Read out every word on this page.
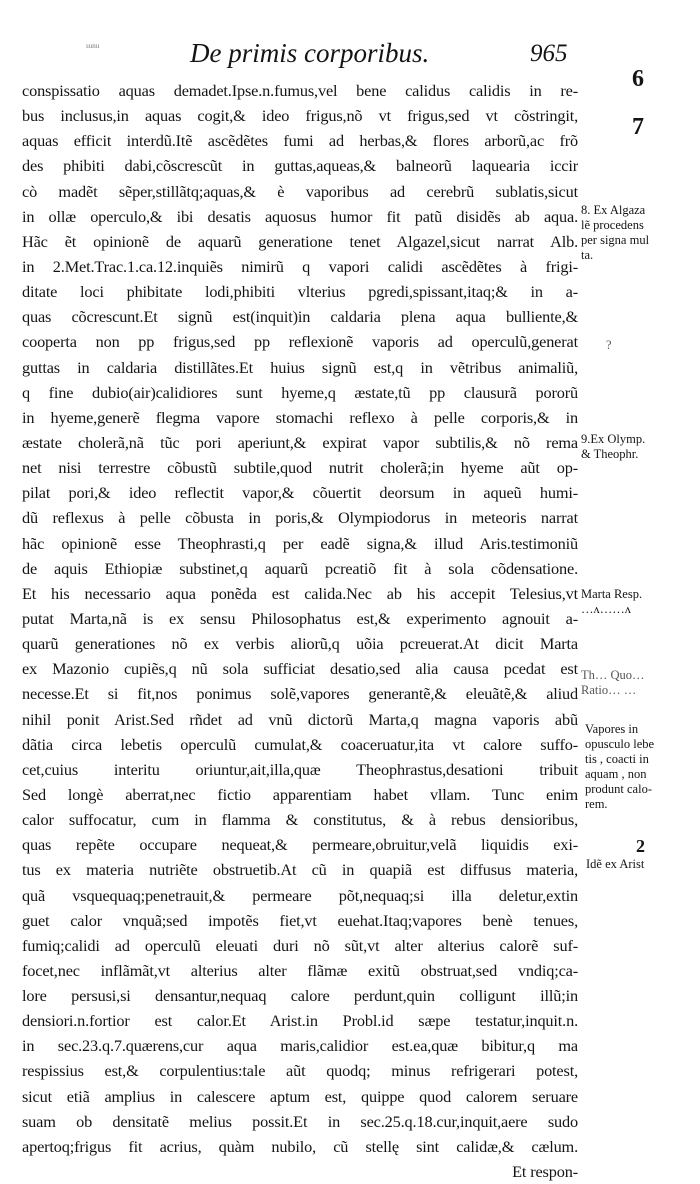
sunu	De primis corporibus.	965
6
7
2
conspissatio aquas demadet.Ipse.n.fumus,vel bene calidus calidis in re-
bus inclusus,in aquas cogit,& ideo frigus,nõ vt frigus,sed vt cõstringit,
aquas efficit interdũ.Itẽ ascẽdẽtes fumi ad herbas,& flores arborũ,ac frõ
des phibiti dabi,cõscrescũt in guttas,aqueas,& balneorũ laquearia iccir
cò madẽt sẽper,stillãtq;aquas,& è vaporibus ad cerebrũ sublatis,sicut
in ollæ operculo,& ibi desatis aquosus humor fit patũ disidẽs ab aqua.
Hãc ẽt opinionẽ de aquarũ generatione tenet Algazel,sicut narrat Alb.
in 2.Met.Trac.1.ca.12.inquiẽs nimirũ q vapori calidi ascẽdẽtes à frigi-
ditate loci phibitate lodi,phibiti vlterius pgredi,spissant,itaq;& in a-
quas cõcrescunt.Et signũ est(inquit)in caldaria plena aqua bulliente,&
cooperta non pp frigus,sed pp reflexionẽ vaporis ad operculũ,generat
guttas in caldaria distillãtes.Et huius signũ est,q in vẽtribus animaliũ,
q fine dubio(air)calidiores sunt hyeme,q æstate,tũ pp clausurã pororũ
in hyeme,generẽ flegma vapore stomachi reflexo à pelle corporis,& in
æstate cholerã,nã tũc pori aperiunt,& expirat vapor subtilis,& nõ rema
net nisi terrestre cõbustũ subtile,quod nutrit cholerã;in hyeme aũt op-
pilat pori,& ideo reflectit vapor,& cõuertit deorsum in aqueũ humi-
dũ reflexus à pelle cõbusta in poris,& Olympiodorus in meteoris narrat
hãc opinionẽ esse Theophrasti,q per eadẽ signa,& illud Aris.testimoniũ
de aquis Ethiopiæ substinet,q aquarũ pcreatiõ fit à sola cõdensatione.
Et his necessario aqua ponẽda est calida.Nec ab his accepit Telesius,vt
putat Marta,nã is ex sensu Philosophatus est,& experimento agnouit a-
quarũ generationes nõ ex verbis aliorũ,q uõia pcreuerat.At dicit Marta
ex Mazonio cupiẽs,q nũ sola sufficiat desatio,sed alia causa pcedat est
necesse.Et si fit,nos ponimus solẽ,vapores generantẽ,& eleuãtẽ,& aliud
nihil ponit Arist.Sed rñdet ad vnũ dictorũ Marta,q magna vaporis abũ
dãtia circa lebetis operculũ cumulat,& coaceruatur,ita vt calore suffo-
cet,cuius interitu oriuntur,ait,illa,quæ Theophrastus,desationi tribuit
Sed longè aberrat,nec fictio apparentiam habet vllam. Tunc enim
calor suffocatur, cum in flamma & constitutus, & à rebus densioribus,
quas repẽte occupare nequeat,& permeare,obruitur,velã liquidis exi-
tus ex materia nutriẽte obstruetib.At cũ in quapiã est diffusus materia,
quã vsquequaq;penetrauit,& permeare põt,nequaq;si illa deletur,extin
guet calor vnquã;sed impotẽs fiet,vt euehat.Itaq;vapores benè tenues,
fumiq;calidi ad operculũ eleuati duri nõ sũt,vt alter alterius calorẽ suf-
focet,nec inflãmãt,vt alterius alter flãmæ exitũ obstruat,sed vndiq;ca-
lore persusi,si densantur,nequaq calore perdunt,quin colligunt illũ;in
densiori.n.fortior est calor.Et Arist.in Probl.id sæpe testatur,inquit.n.
in sec.23.q.7.quærens,cur aqua maris,calidior est.ea,quæ bibitur,q ma
respissius est,& corpulentius:tale aũt quodq; minus refrigerari potest,
sicut etiã amplius in calescere aptum est, quippe quod calorem seruare
suam ob densitatẽ melius possit.Et in sec.25.q.18.cur,inquit,aere sudo
apertoq;frigus fit acrius, quàm nubilo, cũ stellę sint calidæ,& cælum.
Et respon-
8. Ex Algaza
lẽ procedens
per signa mul
ta.
?
9.Ex Olymp.
& Theophr.
Marta Resp.
…ʌ……ʌ
Th… Quo…
Ratio… …
Vapores in
opusculo lebe
tis , coacti in
aquam , non
produnt calo-
rem.
Idẽ ex Arist
